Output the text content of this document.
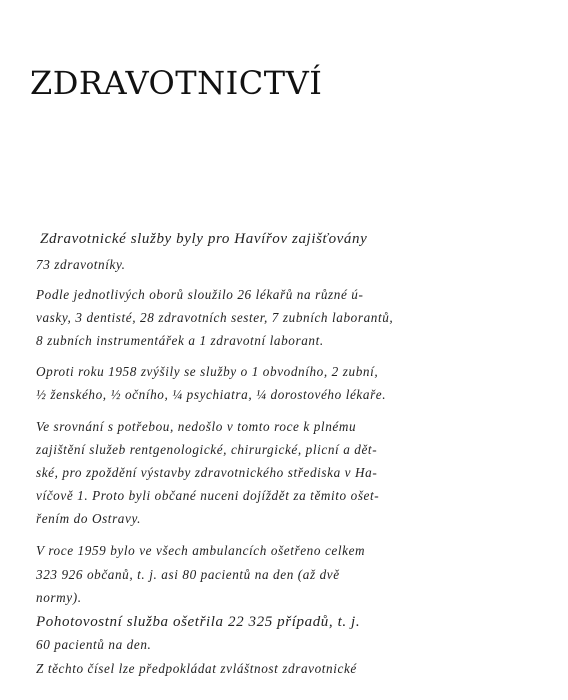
ZDRAVOTNICTVÍ

Zdravotnické služby byly pro Havířov zajišťovány

73 zdravotníky.

Podle jednotlivých oborů sloužilo 26 lékařů na různé ú-

vasky, 3 dentisté, 28 zdravotních sester, 7 zubních laborantů,

8 zubních instrumentářek a 1 zdravotní laborant.

Oproti roku 1958 zvýšily se služby o 1 obvodního, 2 zubní,

½ ženského, ½ očního, ¼ psychiatra, ¼ dorostového lékaře.

Ve srovnání s potřebou, nedošlo v tomto roce k plnému

zajištění služeb rentgenologické, chirurgické, plicní a dět-

ské, pro zpoždění výstavby zdravotnického střediska v Ha-

víčově 1. Proto byli občané nuceni dojíždět za těmito ošet-

řením do Ostravy.

V roce 1959 bylo ve všech ambulancích ošetřeno celkem

323 926 občanů, t. j. asi 80 pacientů na den (až dvě

normy).

Pohotovostní služba ošetřila 22 325 případů, t. j.

60 pacientů na den.

Z těchto čísel lze předpokládat zvláštnost zdravotnické
